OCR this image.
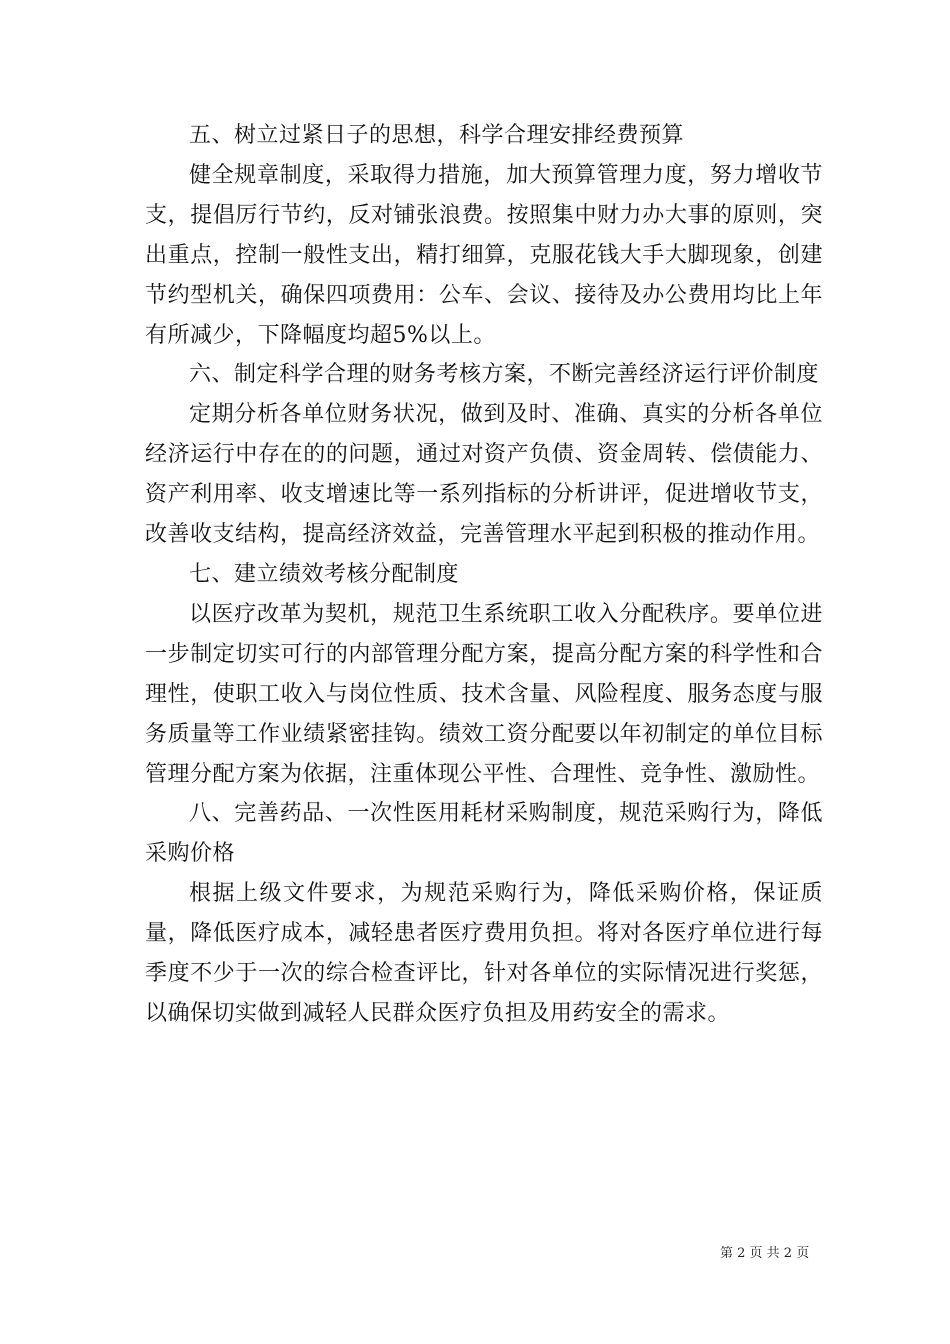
五、树立过紧日子的思想，科学合理安排经费预算

健全规章制度，采取得力措施，加大预算管理力度，努力增收节支，提倡厉行节约，反对铺张浪费。按照集中财力办大事的原则，突出重点，控制一般性支出，精打细算，克服花钱大手大脚现象，创建节约型机关，确保四项费用：公车、会议、接待及办公费用均比上年有所减少，下降幅度均超5%以上。

六、制定科学合理的财务考核方案，不断完善经济运行评价制度

定期分析各单位财务状况，做到及时、准确、真实的分析各单位经济运行中存在的的问题，通过对资产负债、资金周转、偿债能力、资产利用率、收支增速比等一系列指标的分析讲评，促进增收节支，改善收支结构，提高经济效益，完善管理水平起到积极的推动作用。

七、建立绩效考核分配制度

以医疗改革为契机，规范卫生系统职工收入分配秩序。要单位进一步制定切实可行的内部管理分配方案，提高分配方案的科学性和合理性，使职工收入与岗位性质、技术含量、风险程度、服务态度与服务质量等工作业绩紧密挂钩。绩效工资分配要以年初制定的单位目标管理分配方案为依据，注重体现公平性、合理性、竞争性、激励性。

八、完善药品、一次性医用耗材采购制度，规范采购行为，降低采购价格

根据上级文件要求，为规范采购行为，降低采购价格，保证质量，降低医疗成本，减轻患者医疗费用负担。将对各医疗单位进行每季度不少于一次的综合检查评比，针对各单位的实际情况进行奖惩，以确保切实做到减轻人民群众医疗负担及用药安全的需求。

第 2 页 共 2 页
